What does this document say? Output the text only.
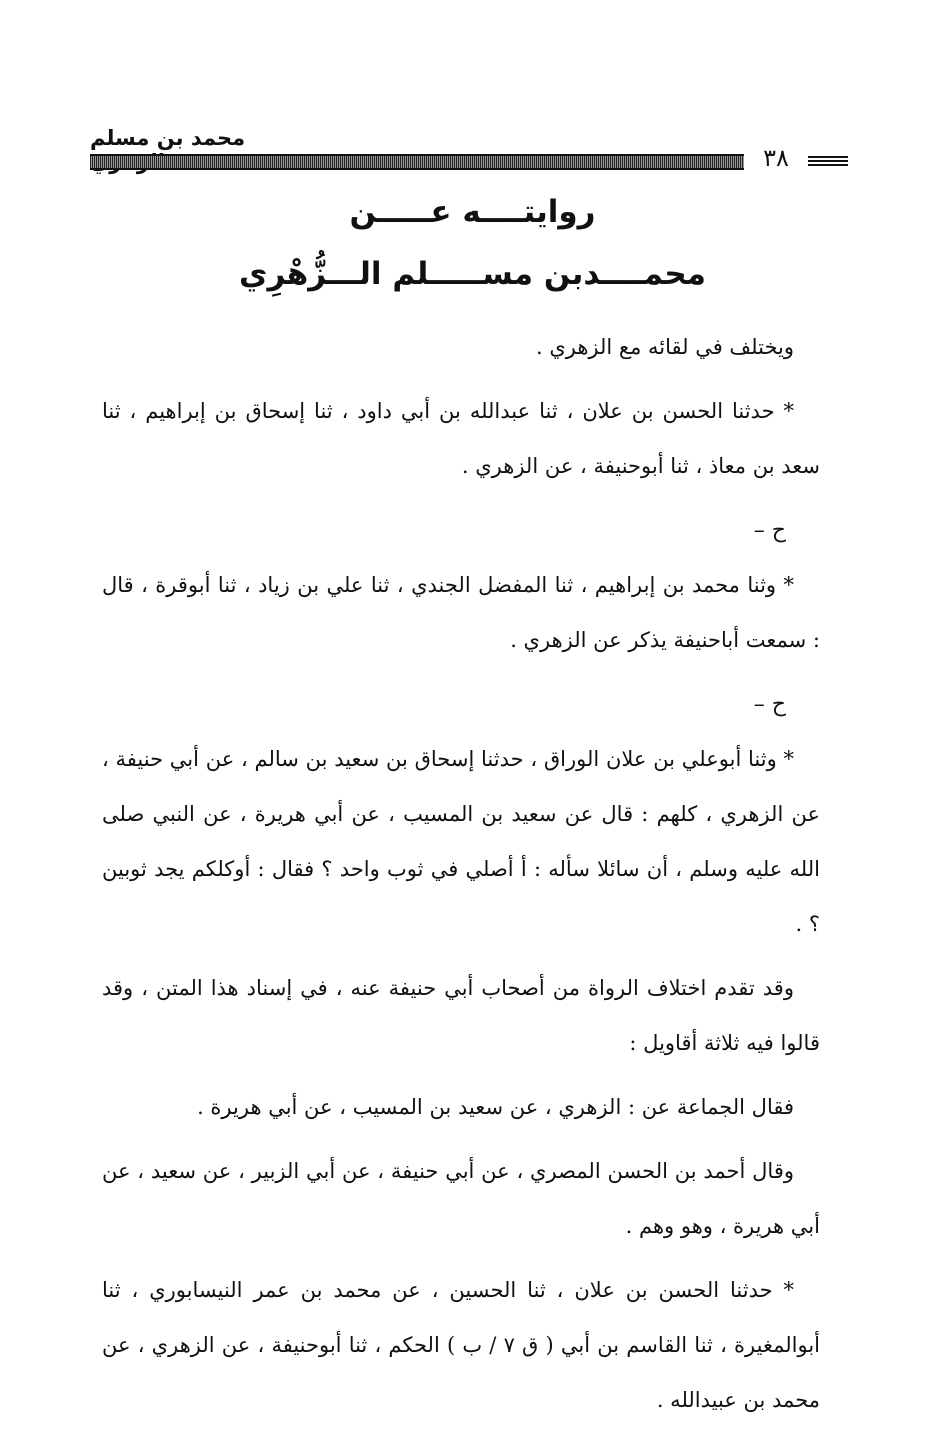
محمد بن مسلم
٣٨
روايتــــه عـــــن
محمــــدبن مســـــلم الـــزُّهْرِي

ويختلف في لقائه مع الزهري .

* حدثنا الحسن بن علان ، ثنا عبدالله بن أبي داود ، ثنا إسحاق بن إبراهيم ، ثنا سعد بن معاذ ، ثنا أبوحنيفة ، عن الزهري .

ح –

* وثنا محمد بن إبراهيم ، ثنا المفضل الجندي ، ثنا علي بن زياد ، ثنا أبوقرة ، قال : سمعت أباحنيفة يذكر عن الزهري .

ح –

* وثنا أبوعلي بن علان الوراق ، حدثنا إسحاق بن سعيد بن سالم ، عن أبي حنيفة ، عن الزهري ، كلهم : قال عن سعيد بن المسيب ، عن أبي هريرة ، عن النبي صلى الله عليه وسلم ، أن سائلا سأله : أ أصلي في ثوب واحد ؟ فقال : أوكلكم يجد ثوبين ؟ .

وقد تقدم اختلاف الرواة من أصحاب أبي حنيفة عنه ، في إسناد هذا المتن ، وقد قالوا فيه ثلاثة أقاويل :

فقال الجماعة عن : الزهري ، عن سعيد بن المسيب ، عن أبي هريرة .

وقال أحمد بن الحسن المصري ، عن أبي حنيفة ، عن أبي الزبير ، عن سعيد ، عن أبي هريرة ، وهو وهم .

* حدثنا الحسن بن علان ، ثنا الحسين ، عن محمد بن عمر النيسابوري ، ثنا أبوالمغيرة ، ثنا القاسم بن أبي ( ق ٧ / ب ) الحكم ، ثنا أبوحنيفة ، عن الزهري ، عن محمد بن عبيدالله .
